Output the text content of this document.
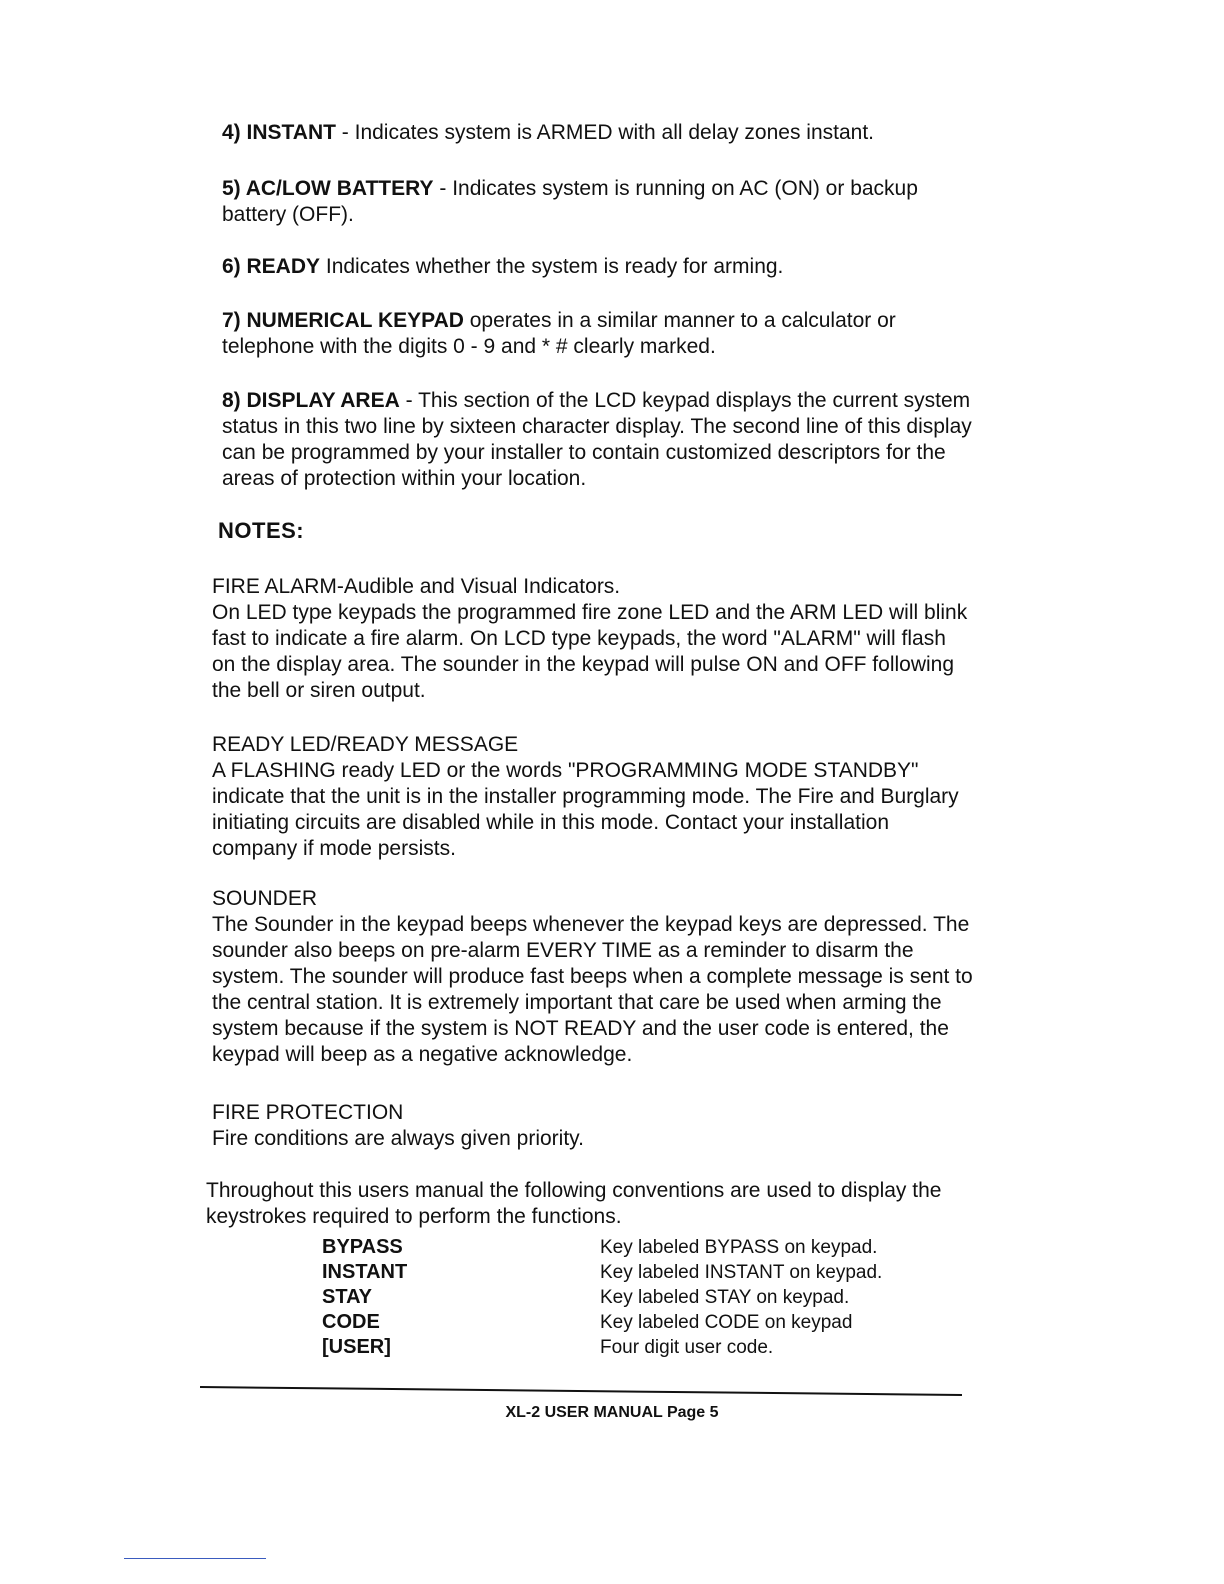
4) INSTANT - Indicates system is ARMED with all delay zones instant.
5) AC/LOW BATTERY - Indicates system is running on AC (ON) or backup battery (OFF).
6) READY Indicates whether the system is ready for arming.
7) NUMERICAL KEYPAD operates in a similar manner to a calculator or telephone with the digits 0 - 9 and * # clearly marked.
8) DISPLAY AREA - This section of the LCD keypad displays the current system status in this two line by sixteen character display. The second line of this display can be programmed by your installer to contain customized descriptors for the areas of protection within your location.
NOTES:
FIRE ALARM-Audible and Visual Indicators.
On LED type keypads the programmed fire zone LED and the ARM LED will blink fast to indicate a fire alarm. On LCD type keypads, the word "ALARM" will flash on the display area. The sounder in the keypad will pulse ON and OFF following the bell or siren output.
READY LED/READY MESSAGE
A FLASHING ready LED or the words "PROGRAMMING MODE STANDBY" indicate that the unit is in the installer programming mode. The Fire and Burglary initiating circuits are disabled while in this mode. Contact your installation company if mode persists.
SOUNDER
The Sounder in the keypad beeps whenever the keypad keys are depressed. The sounder also beeps on pre-alarm EVERY TIME as a reminder to disarm the system. The sounder will produce fast beeps when a complete message is sent to the central station. It is extremely important that care be used when arming the system because if the system is NOT READY and the user code is entered, the keypad will beep as a negative acknowledge.
FIRE PROTECTION
Fire conditions are always given priority.
Throughout this users manual the following conventions are used to display the keystrokes required to perform the functions.
BYPASS	Key labeled BYPASS on keypad.
INSTANT	Key labeled INSTANT on keypad.
STAY	Key labeled STAY on keypad.
CODE	Key labeled CODE on keypad
[USER]	Four digit user code.
XL-2 USER MANUAL Page 5
